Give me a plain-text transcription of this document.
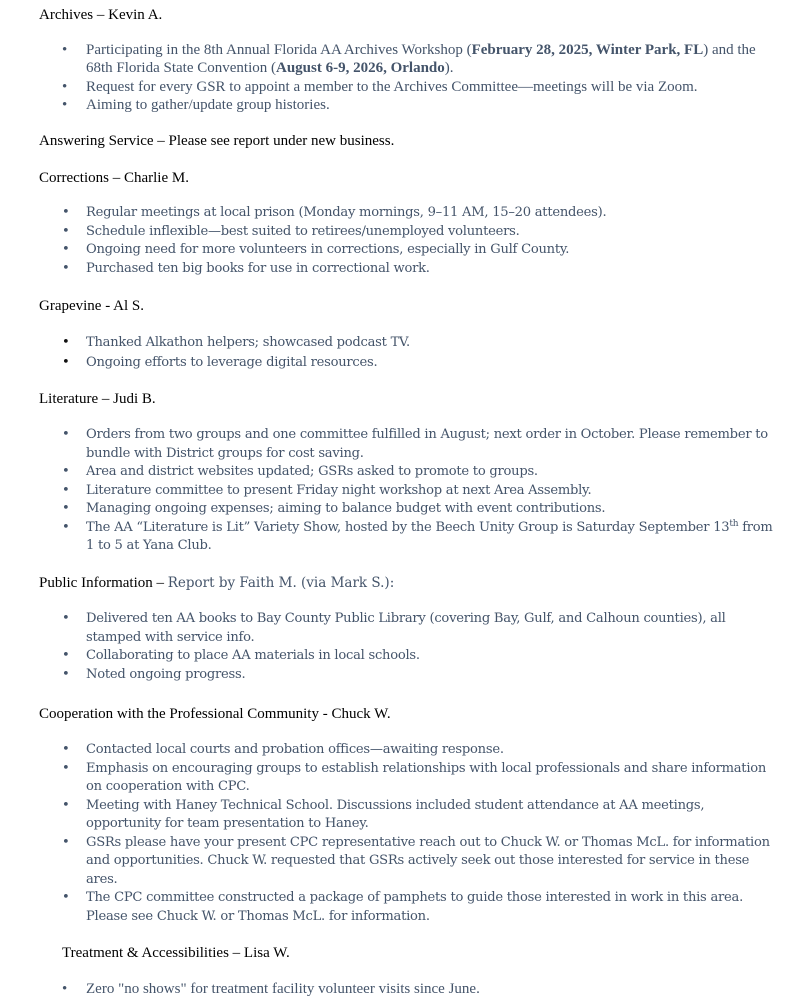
Archives – Kevin A.
• Participating in the 8th Annual Florida AA Archives Workshop (February 28, 2025, Winter Park, FL) and the 68th Florida State Convention (August 6-9, 2026, Orlando).
• Request for every GSR to appoint a member to the Archives Committee—meetings will be via Zoom.
• Aiming to gather/update group histories.
Answering Service – Please see report under new business.
Corrections – Charlie M.
• Regular meetings at local prison (Monday mornings, 9–11 AM, 15–20 attendees).
• Schedule inflexible—best suited to retirees/unemployed volunteers.
• Ongoing need for more volunteers in corrections, especially in Gulf County.
• Purchased ten big books for use in correctional work.
Grapevine - Al S.
• Thanked Alkathon helpers; showcased podcast TV.
• Ongoing efforts to leverage digital resources.
Literature – Judi B.
• Orders from two groups and one committee fulfilled in August; next order in October. Please remember to bundle with District groups for cost saving.
• Area and district websites updated; GSRs asked to promote to groups.
• Literature committee to present Friday night workshop at next Area Assembly.
• Managing ongoing expenses; aiming to balance budget with event contributions.
• The AA “Literature is Lit” Variety Show, hosted by the Beech Unity Group is Saturday September 13th from 1 to 5 at Yana Club.
Public Information – Report by Faith M. (via Mark S.):
• Delivered ten AA books to Bay County Public Library (covering Bay, Gulf, and Calhoun counties), all stamped with service info.
• Collaborating to place AA materials in local schools.
• Noted ongoing progress.
Cooperation with the Professional Community - Chuck W.
• Contacted local courts and probation offices—awaiting response.
• Emphasis on encouraging groups to establish relationships with local professionals and share information on cooperation with CPC.
• Meeting with Haney Technical School. Discussions included student attendance at AA meetings, opportunity for team presentation to Haney.
• GSRs please have your present CPC representative reach out to Chuck W. or Thomas McL. for information and opportunities. Chuck W. requested that GSRs actively seek out those interested for service in these ares.
• The CPC committee constructed a package of pamphets to guide those interested in work in this area. Please see Chuck W. or Thomas McL. for information.
Treatment & Accessibilities – Lisa W.
• Zero "no shows" for treatment facility volunteer visits since June.
